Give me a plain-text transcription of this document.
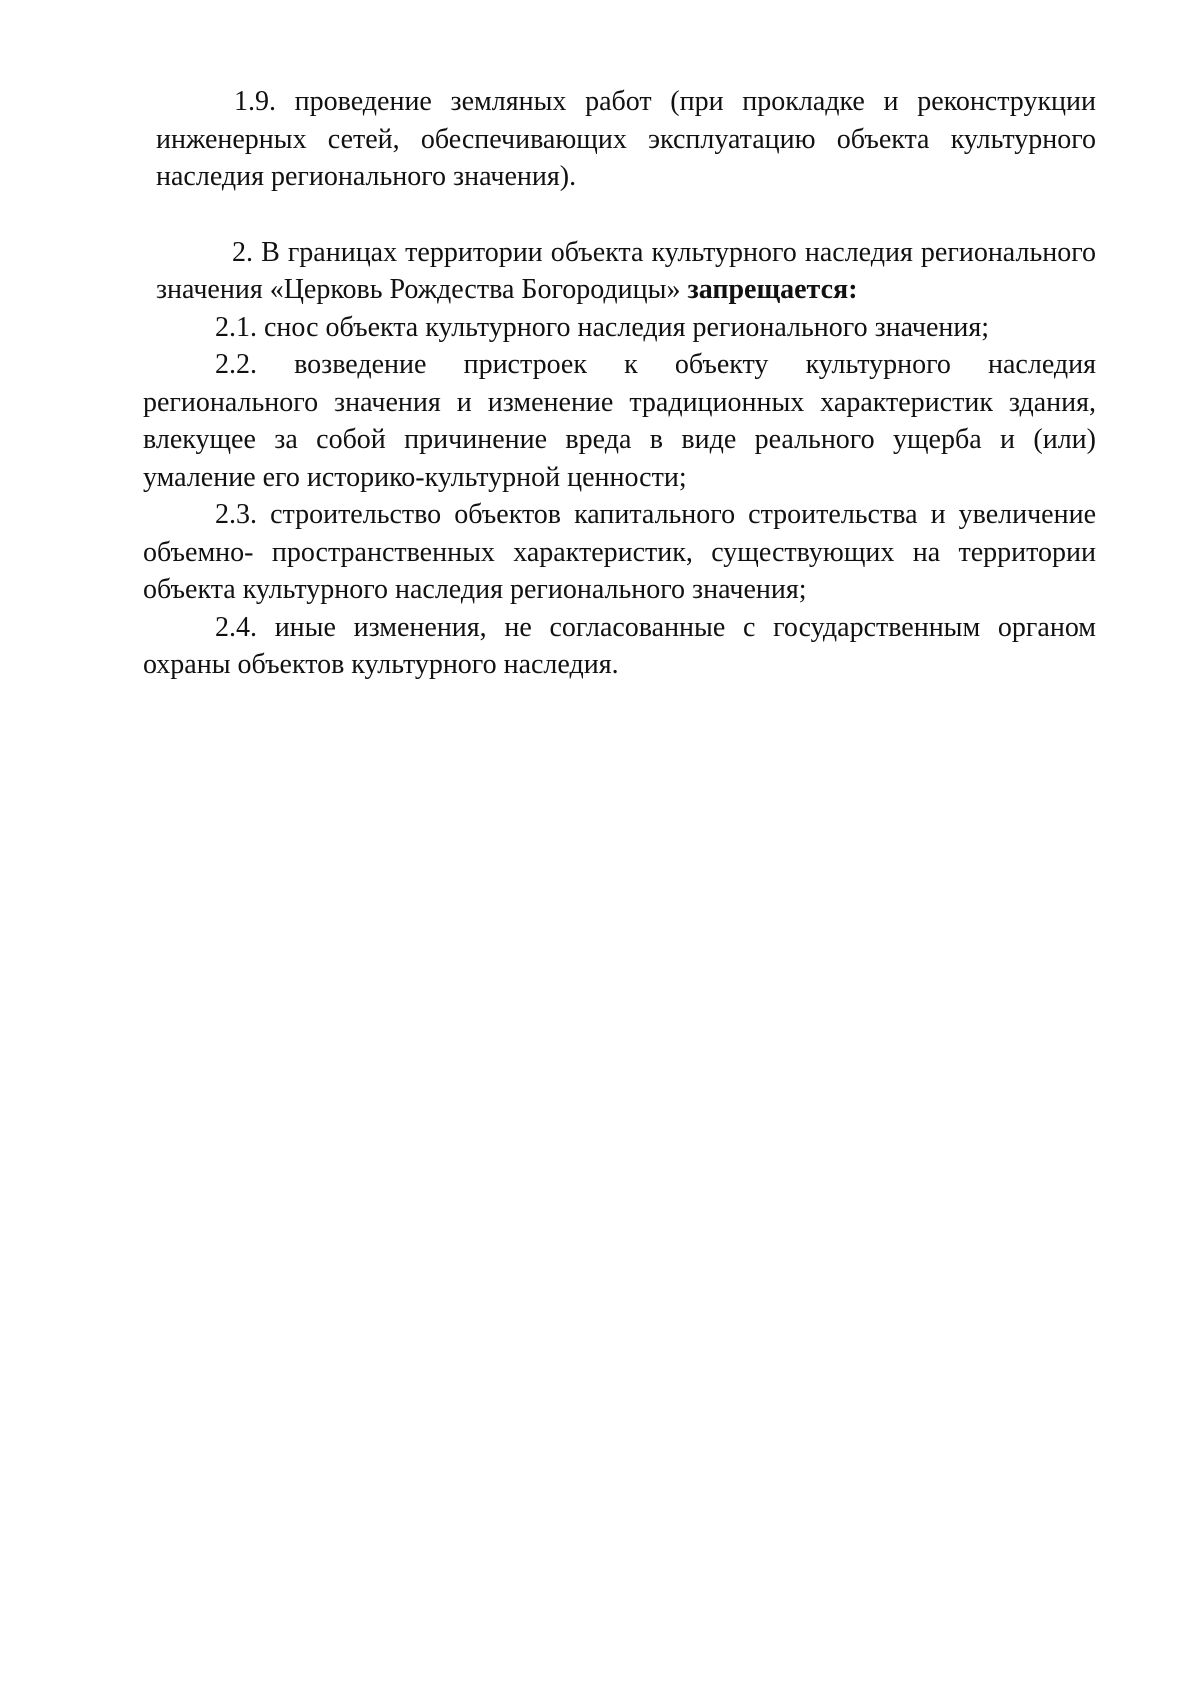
1.9. проведение земляных работ (при прокладке и реконструкции инженерных сетей, обеспечивающих эксплуатацию объекта культурного наследия регионального значения).

2. В границах территории объекта культурного наследия регионального значения «Церковь Рождества Богородицы» запрещается:

2.1. снос объекта культурного наследия регионального значения;

2.2. возведение пристроек к объекту культурного наследия регионального значения и изменение традиционных характеристик здания, влекущее за собой причинение вреда в виде реального ущерба и (или) умаление его историко-культурной ценности;

2.3. строительство объектов капитального строительства и увеличение объемно- пространственных характеристик, существующих на территории объекта культурного наследия регионального значения;

2.4. иные изменения, не согласованные с государственным органом охраны объектов культурного наследия.
